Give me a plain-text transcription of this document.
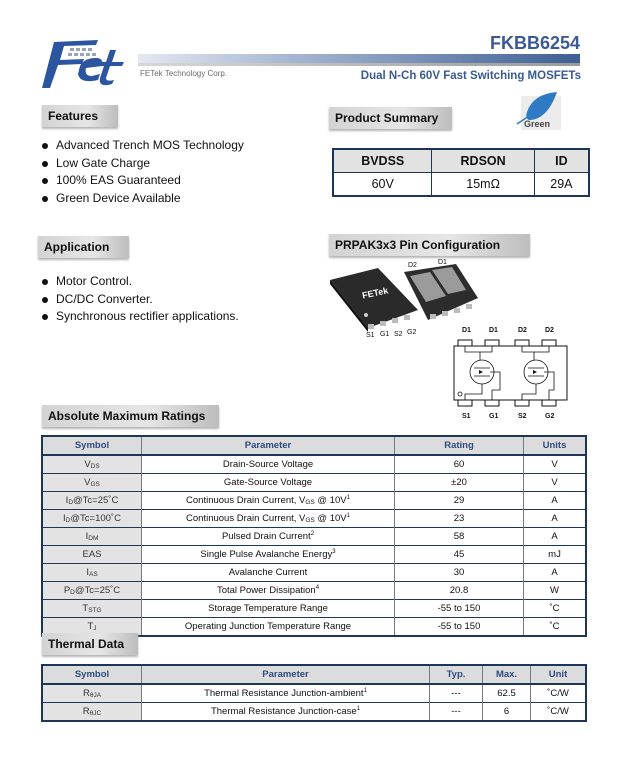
FETek Technology Corp.
FKBB6254
Dual N-Ch 60V Fast Switching MOSFETs
Features
Advanced Trench MOS Technology
Low Gate Charge
100% EAS Guaranteed
Green Device Available
Product Summary	Green
BVDSS	RDSON	ID
60V	15mΩ	29A
Application
Motor Control.
DC/DC Converter.
Synchronous rectifier applications.
PRPAK3x3 Pin Configuration
FETek
D2	D1
S1 G1 S2 G2	D1	D1	D2	D2
S1	G1	S2	G2
Absolute Maximum Ratings
Symbol	Parameter	Rating	Units
$V_{DS}$	Drain-Source Voltage	60	V
$V_{GS}$	Gate-Source Voltage	±20	V
$I_D@Tc=25˚C$	Continuous Drain Current, $V_{GS}$ @ $10V^1$	29	A
$I_D@Tc=100˚C$	Continuous Drain Current, $V_{GS}$ @ $10V^1$	23	A
$I_{DM}$	Pulsed Drain Current$^2$	58	A
EAS	Single Pulse Avalanche Energy$^3$	45	mJ
$I_{AS}$	Avalanche Current	30	A
$P_D@Tc=25˚C$	Total Power Dissipation$^4$	20.8	W
$T_{STG}$	Storage Temperature Range	-55 to 150	˚C
$T_J$	Operating Junction Temperature Range	-55 to 150	˚C
Thermal Data
Symbol	Parameter	Typ.	Max.	Unit
$R_{\theta JA}$	Thermal Resistance Junction-ambient$^1$	---	62.5	˚C/W
$R_{\theta JC}$	Thermal Resistance Junction-case$^1$	---	6	˚C/W
